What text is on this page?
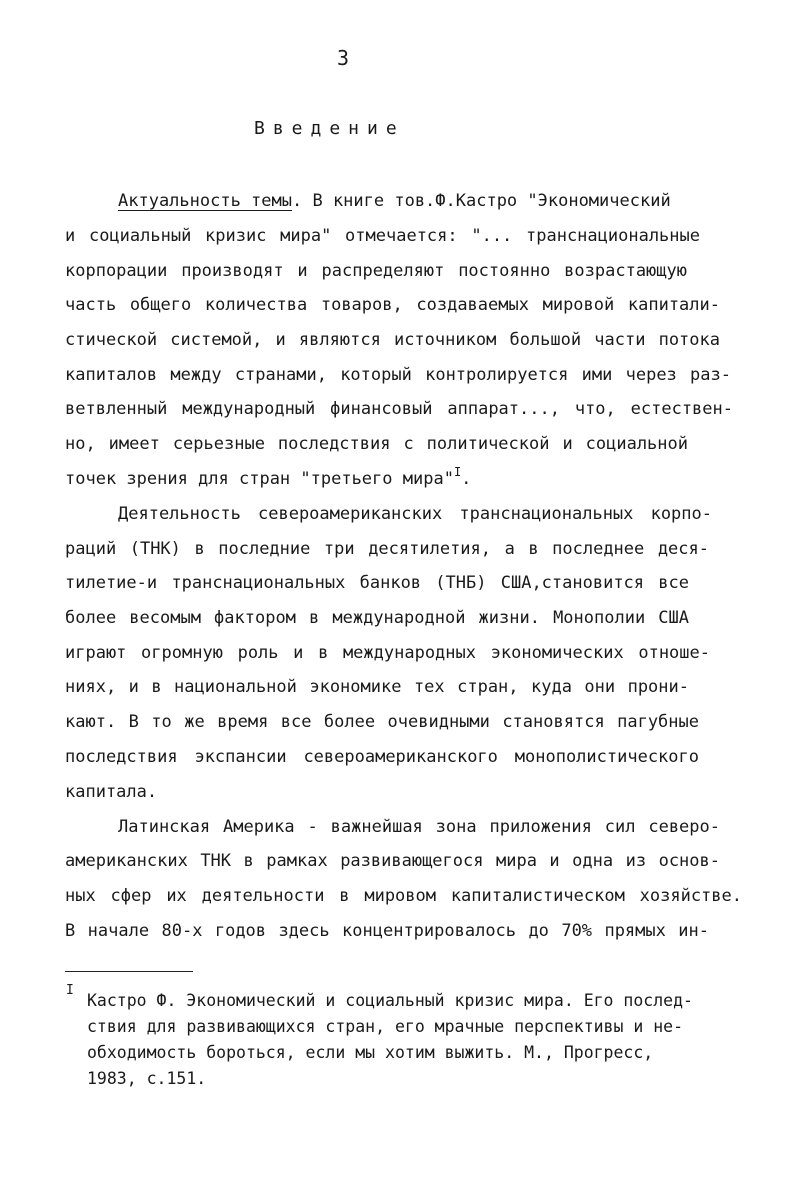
3
Введение
Актуальность темы. В книге тов.Ф.Кастро "Экономический
и социальный кризис мира" отмечается: "... транснациональные
корпорации производят и распределяют постоянно возрастающую
часть общего количества товаров, создаваемых мировой капитали-
стической системой, и являются источником большой части потока
капиталов между странами, который контролируется ими через раз-
ветвленный международный финансовый аппарат..., что, естествен-
но, имеет серьезные последствия с политической и социальной
точек зрения для стран "третьего мира"$^I$.
Деятельность североамериканских транснациональных корпо-
раций (ТНК) в последние три десятилетия, а в последнее деся-
тилетие-и транснациональных банков (ТНБ) США,становится все
более весомым фактором в международной жизни. Монополии США
играют огромную роль и в международных экономических отноше-
ниях, и в национальной экономике тех стран, куда они прони-
кают. В то же время все более очевидными становятся пагубные
последствия экспансии североамериканского монополистического
капитала.
Латинская Америка - важнейшая зона приложения сил северо-
американских ТНК в рамках развивающегося мира и одна из основ-
ных сфер их деятельности в мировом капиталистическом хозяйстве.
В начале 80-х годов здесь концентрировалось до 70% прямых ин-
I
Кастро Ф. Экономический и социальный кризис мира. Его послед-
ствия для развивающихся стран, его мрачные перспективы и не-
обходимость бороться, если мы хотим выжить. М., Прогресс,
1983, с.151.
